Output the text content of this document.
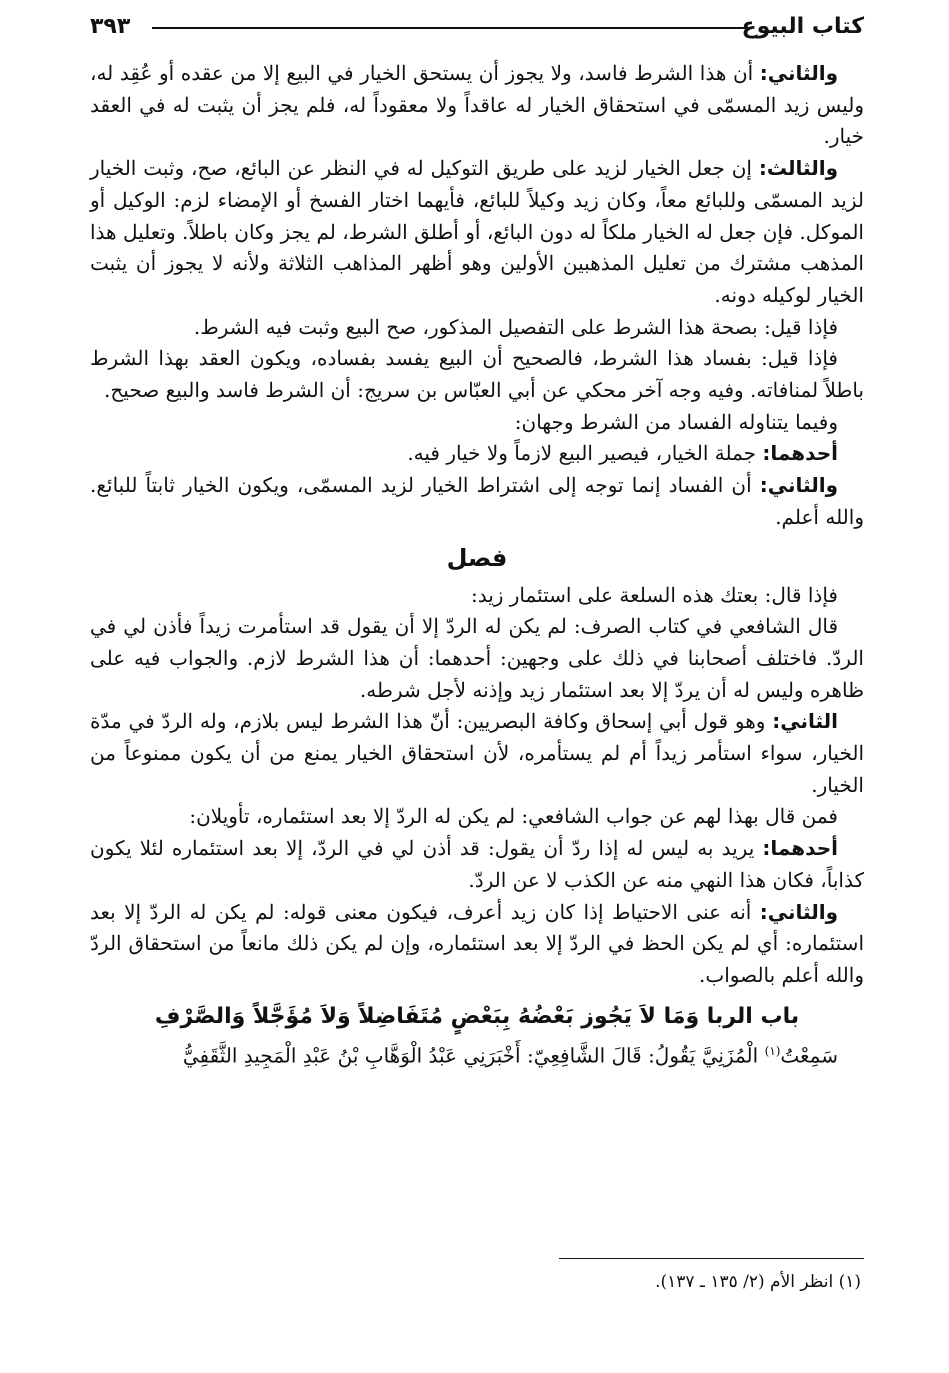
كتاب البيوع
٣٩٣

والثاني: أن هذا الشرط فاسد، ولا يجوز أن يستحق الخيار في البيع إلا من عقده أو عُقِد له، وليس زيد المسمّى في استحقاق الخيار له عاقداً ولا معقوداً له، فلم يجز أن يثبت له في العقد خيار.

والثالث: إن جعل الخيار لزيد على طريق التوكيل له في النظر عن البائع، صح، وثبت الخيار لزيد المسمّى وللبائع معاً، وكان زيد وكيلاً للبائع، فأيهما اختار الفسخ أو الإمضاء لزم: الوكيل أو الموكل. فإن جعل له الخيار ملكاً له دون البائع، أو أطلق الشرط، لم يجز وكان باطلاً. وتعليل هذا المذهب مشترك من تعليل المذهبين الأولين وهو أظهر المذاهب الثلاثة ولأنه لا يجوز أن يثبت الخيار لوكيله دونه.

فإذا قيل: بصحة هذا الشرط على التفصيل المذكور، صح البيع وثبت فيه الشرط.

فإذا قيل: بفساد هذا الشرط، فالصحيح أن البيع يفسد بفساده، ويكون العقد بهذا الشرط باطلاً لمنافاته. وفيه وجه آخر محكي عن أبي العبّاس بن سريج: أن الشرط فاسد والبيع صحيح.

وفيما يتناوله الفساد من الشرط وجهان:

أحدهما: جملة الخيار، فيصير البيع لازماً ولا خيار فيه.

والثاني: أن الفساد إنما توجه إلى اشتراط الخيار لزيد المسمّى، ويكون الخيار ثابتاً للبائع. والله أعلم.

فصل

فإذا قال: بعتك هذه السلعة على استئمار زيد:

قال الشافعي في كتاب الصرف: لم يكن له الردّ إلا أن يقول قد استأمرت زيداً فأذن لي في الردّ. فاختلف أصحابنا في ذلك على وجهين: أحدهما: أن هذا الشرط لازم. والجواب فيه على ظاهره وليس له أن يردّ إلا بعد استئمار زيد وإذنه لأجل شرطه.

الثاني: وهو قول أبي إسحاق وكافة البصريين: أنّ هذا الشرط ليس بلازم، وله الردّ في مدّة الخيار، سواء استأمر زيداً أم لم يستأمره، لأن استحقاق الخيار يمنع من أن يكون ممنوعاً من الخيار.

فمن قال بهذا لهم عن جواب الشافعي: لم يكن له الردّ إلا بعد استئماره، تأويلان:

أحدهما: يريد به ليس له إذا ردّ أن يقول: قد أذن لي في الردّ، إلا بعد استئماره لئلا يكون كذاباً، فكان هذا النهي منه عن الكذب لا عن الردّ.

والثاني: أنه عنى الاحتياط إذا كان زيد أعرف، فيكون معنى قوله: لم يكن له الردّ إلا بعد استئماره: أي لم يكن الحظ في الردّ إلا بعد استئماره، وإن لم يكن ذلك مانعاً من استحقاق الردّ والله أعلم بالصواب.

باب الربا وَمَا لاَ يَجُوز بَعْضُهُ بِبَعْضٍ مُتَفَاضِلاً وَلاَ مُؤَجَّلاً وَالصَّرْفِ

سَمِعْتُ$^{(١)}$ الْمُزَنِيَّ يَقُولُ: قَالَ الشَّافِعِيّ: أَخْبَرَنِي عَبْدُ الْوَهَّابِ بْنُ عَبْدِ الْمَجِيدِ الثَّقَفِيُّ

(١) انظر الأم (٢/ ١٣٥ ـ ١٣٧).
